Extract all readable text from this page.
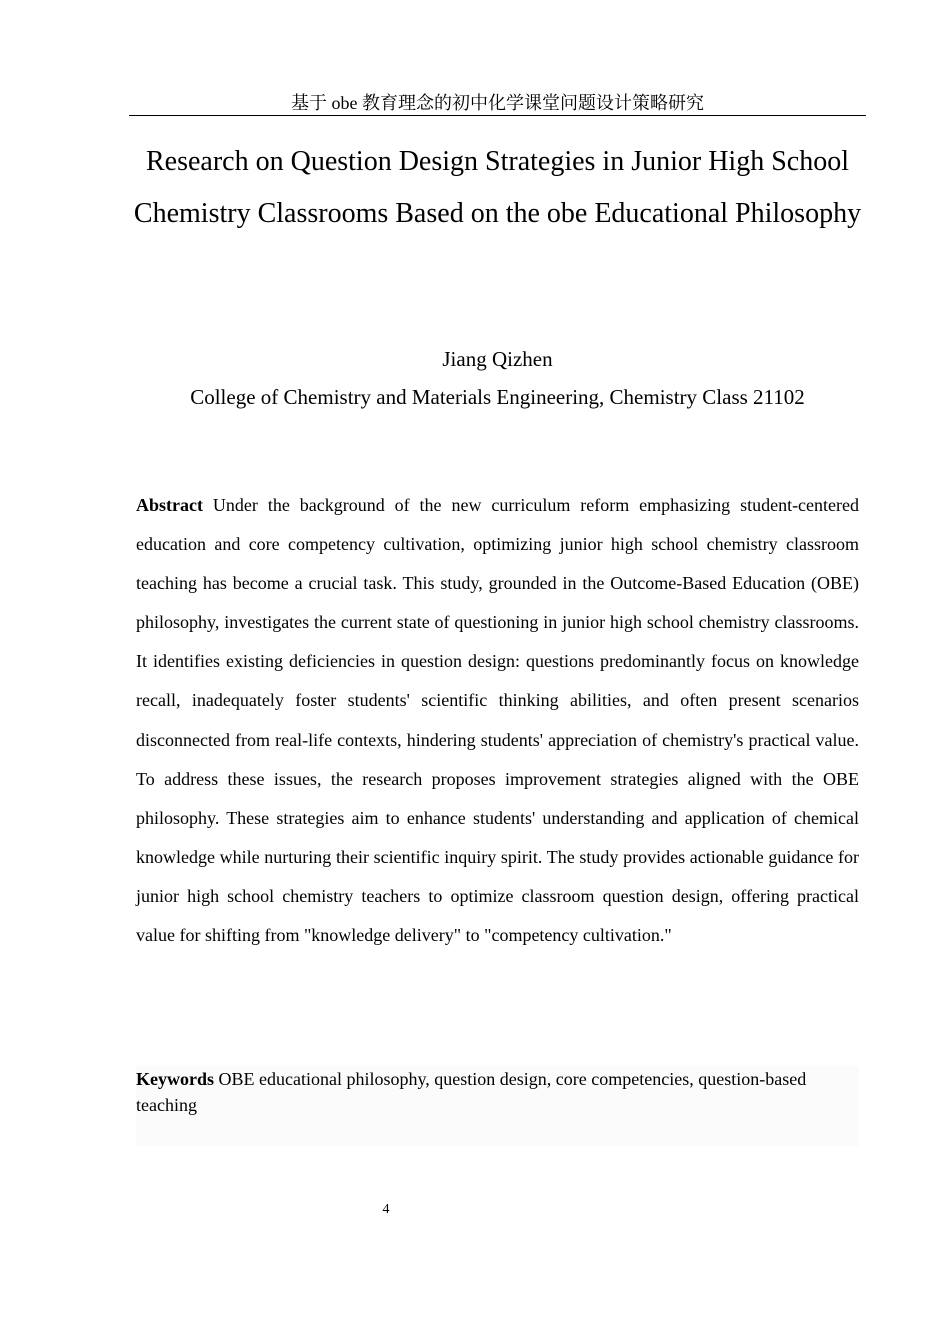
基于 obe 教育理念的初中化学课堂问题设计策略研究
Research on Question Design Strategies in Junior High School Chemistry Classrooms Based on the obe Educational Philosophy
Jiang Qizhen
College of Chemistry and Materials Engineering, Chemistry Class 21102

Abstract Under the background of the new curriculum reform emphasizing student-centered education and core competency cultivation, optimizing junior high school chemistry classroom teaching has become a crucial task. This study, grounded in the Outcome-Based Education (OBE) philosophy, investigates the current state of questioning in junior high school chemistry classrooms. It identifies existing deficiencies in question design: questions predominantly focus on knowledge recall, inadequately foster students' scientific thinking abilities, and often present scenarios disconnected from real-life contexts, hindering students' appreciation of chemistry's practical value. To address these issues, the research proposes improvement strategies aligned with the OBE philosophy. These strategies aim to enhance students' understanding and application of chemical knowledge while nurturing their scientific inquiry spirit. The study provides actionable guidance for junior high school chemistry teachers to optimize classroom question design, offering practical value for shifting from "knowledge delivery" to "competency cultivation."

Keywords OBE educational philosophy, question design, core competencies, question-based teaching

4
